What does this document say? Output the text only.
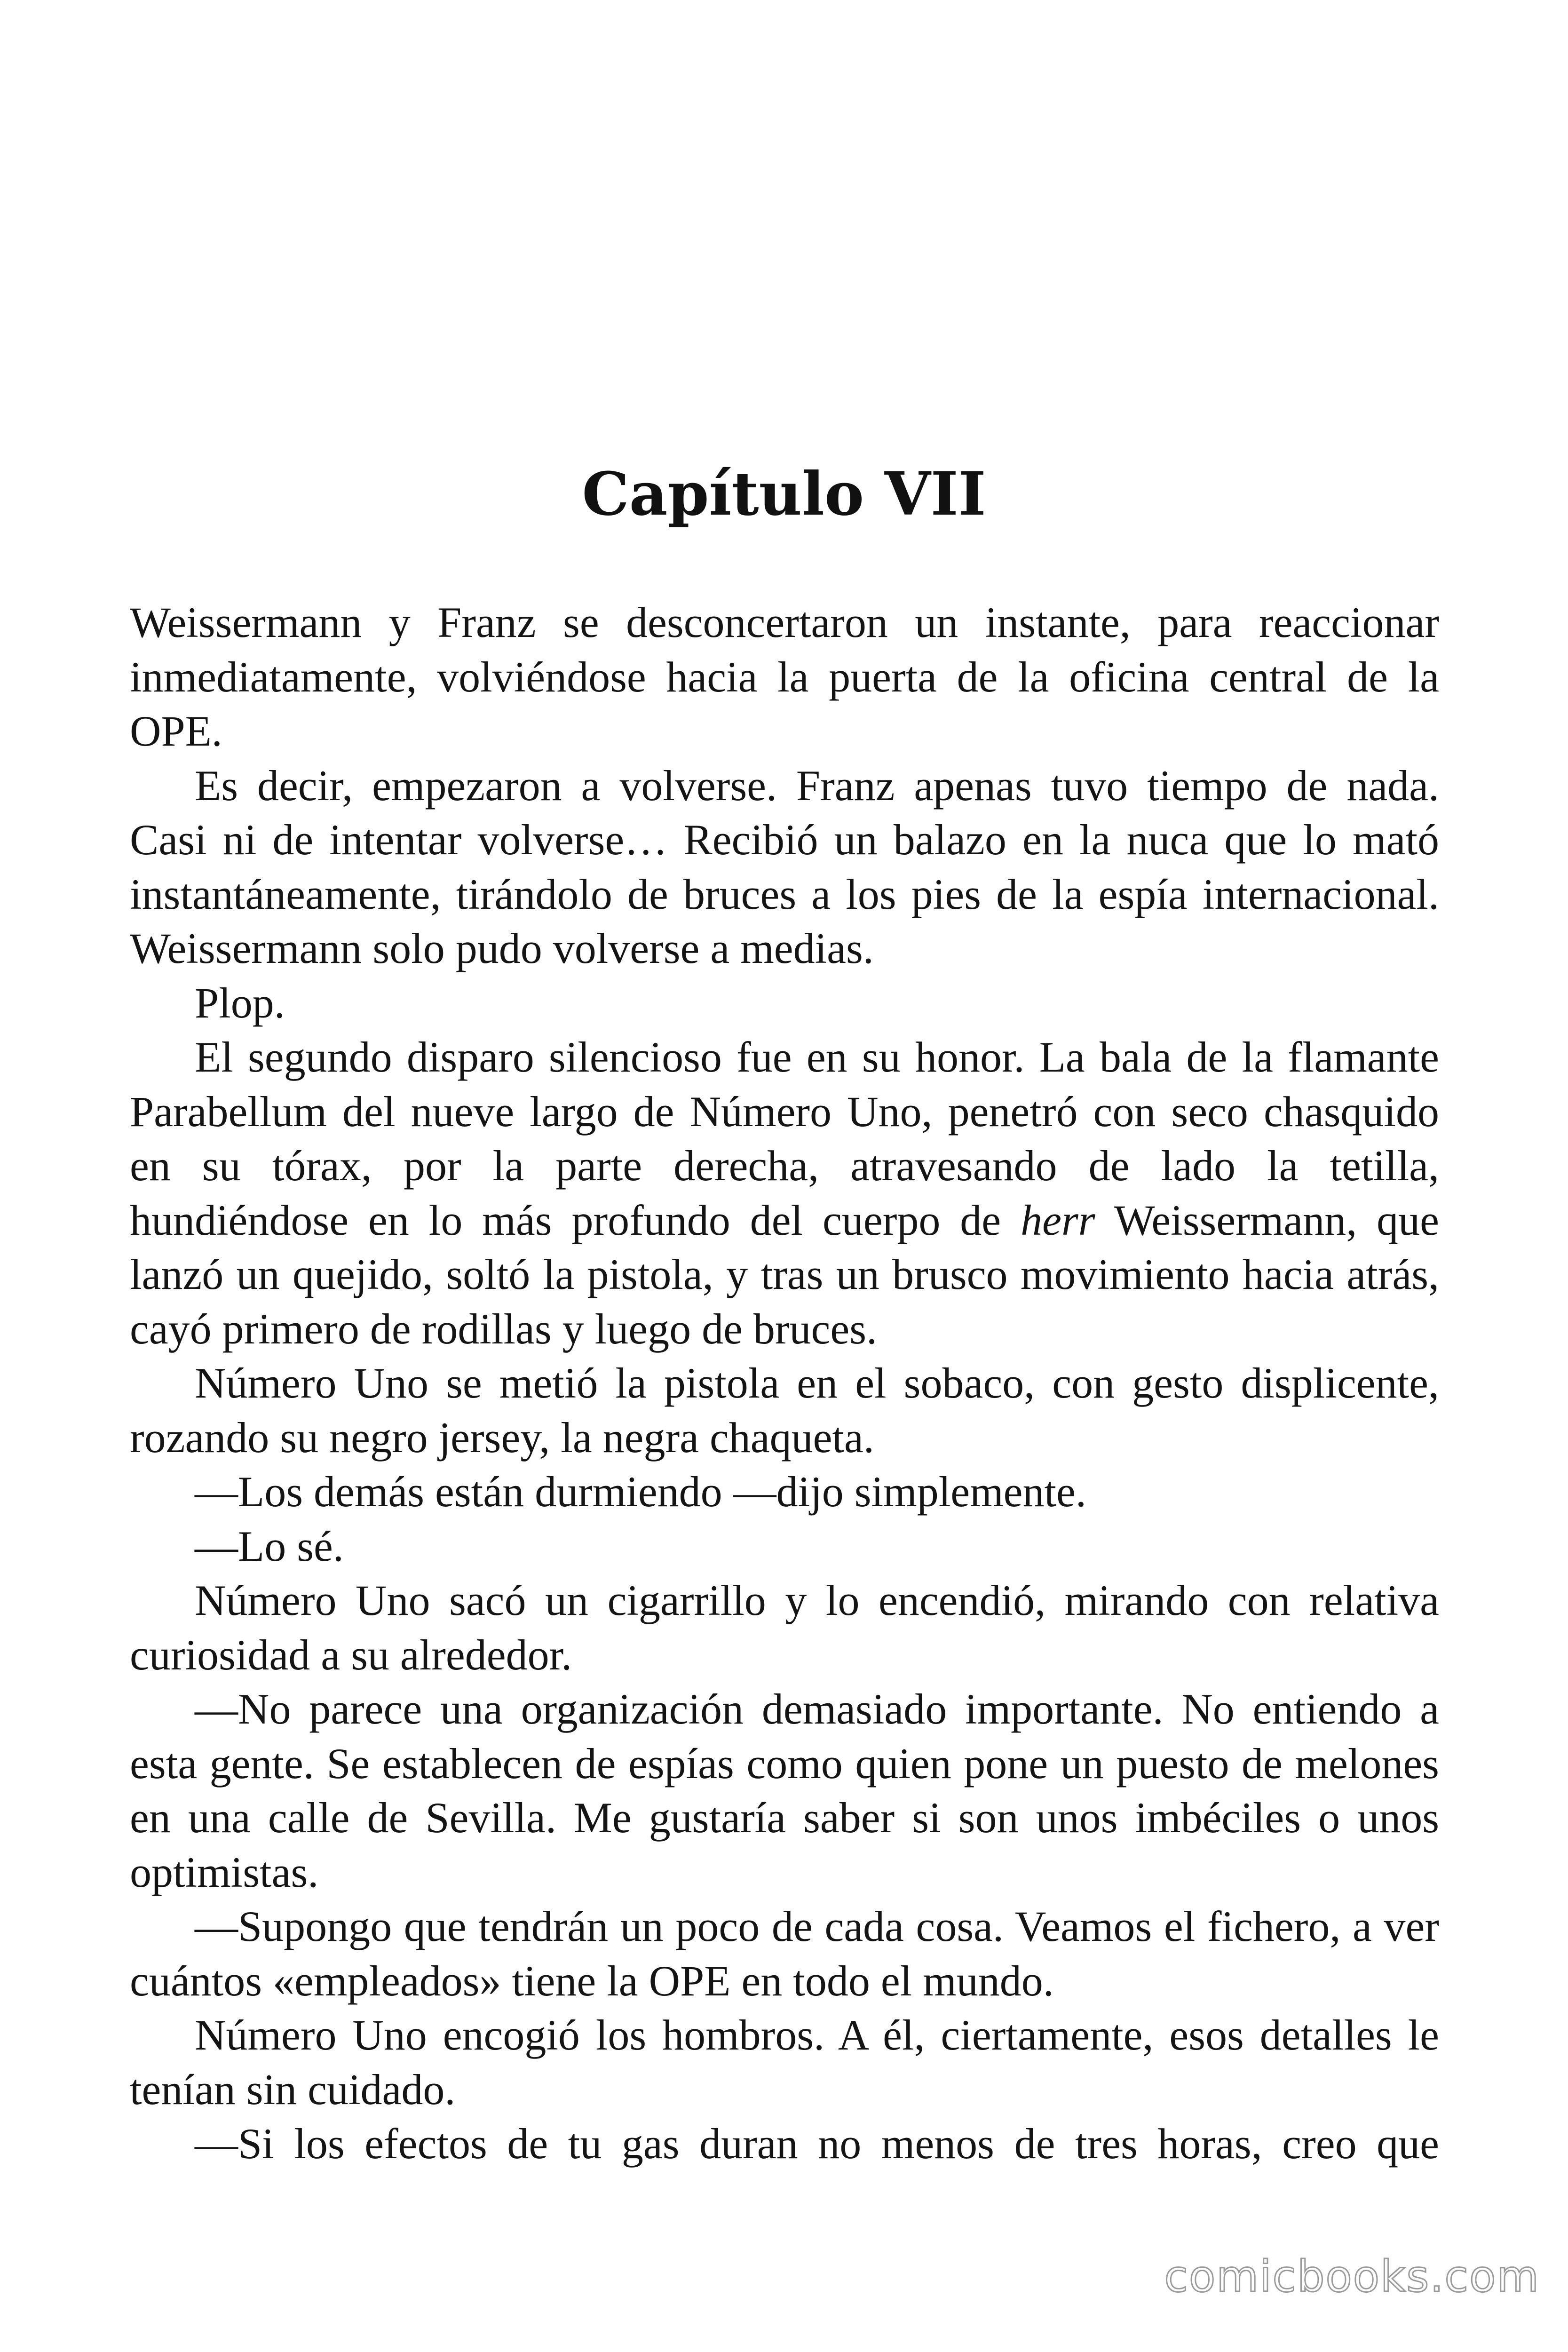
Capítulo VII

Weissermann y Franz se desconcertaron un instante, para reaccionar inmediatamente, volviéndose hacia la puerta de la oficina central de la OPE.

Es decir, empezaron a volverse. Franz apenas tuvo tiempo de nada. Casi ni de intentar volverse… Recibió un balazo en la nuca que lo mató instantáneamente, tirándolo de bruces a los pies de la espía internacional. Weissermann solo pudo volverse a medias.

Plop.

El segundo disparo silencioso fue en su honor. La bala de la flamante Parabellum del nueve largo de Número Uno, penetró con seco chasquido en su tórax, por la parte derecha, atravesando de lado la tetilla, hundiéndose en lo más profundo del cuerpo de herr Weissermann, que lanzó un quejido, soltó la pistola, y tras un brusco movimiento hacia atrás, cayó primero de rodillas y luego de bruces.

Número Uno se metió la pistola en el sobaco, con gesto displicente, rozando su negro jersey, la negra chaqueta.

—Los demás están durmiendo —dijo simplemente.

—Lo sé.

Número Uno sacó un cigarrillo y lo encendió, mirando con relativa curiosidad a su alrededor.

—No parece una organización demasiado importante. No entiendo a esta gente. Se establecen de espías como quien pone un puesto de melones en una calle de Sevilla. Me gustaría saber si son unos imbéciles o unos optimistas.

—Supongo que tendrán un poco de cada cosa. Veamos el fichero, a ver cuántos «empleados» tiene la OPE en todo el mundo.

Número Uno encogió los hombros. A él, ciertamente, esos detalles le tenían sin cuidado.

—Si los efectos de tu gas duran no menos de tres horas, creo que

comicbooks.com
